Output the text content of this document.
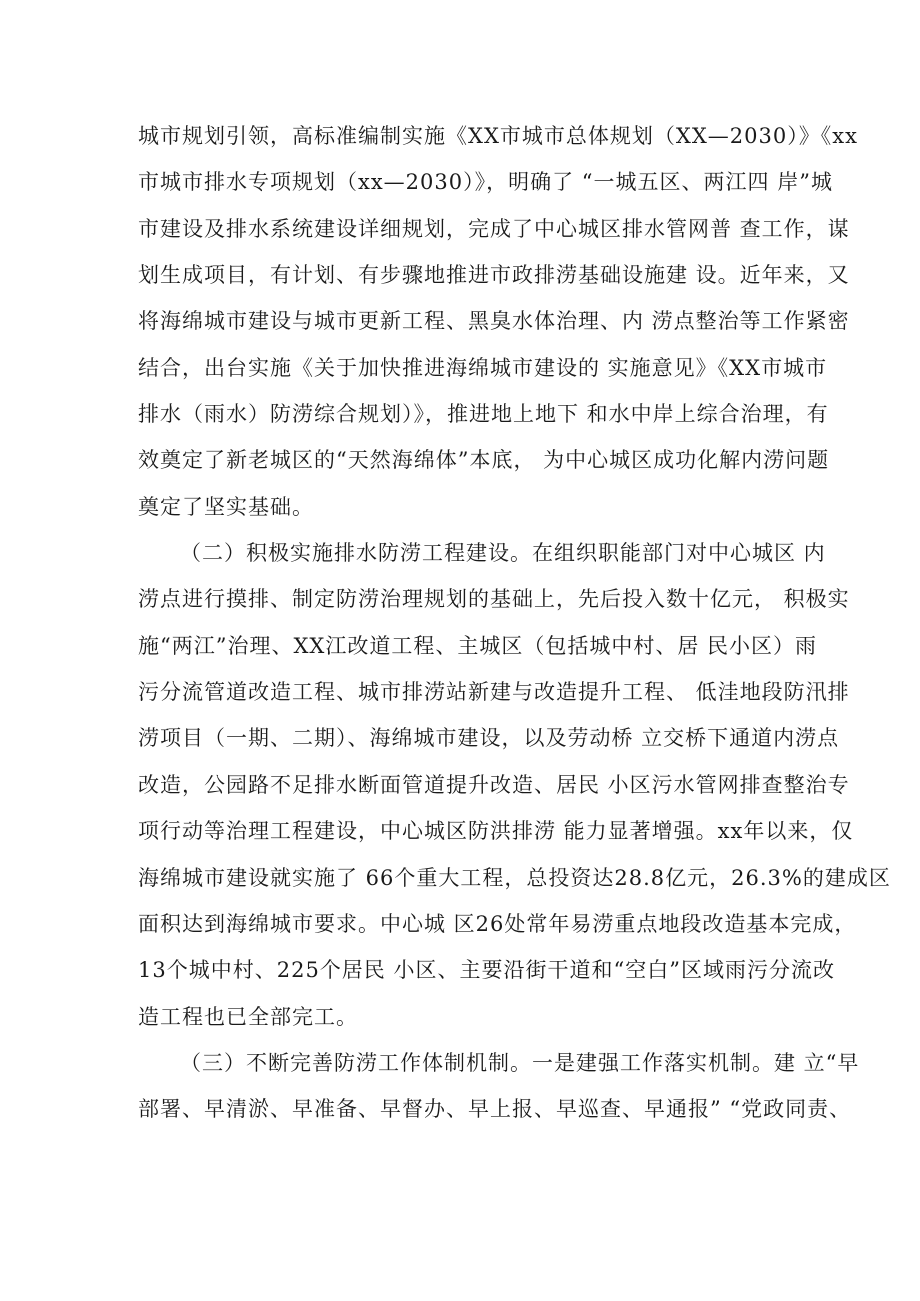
城市规划引领，高标准编制实施《XX市城市总体规划（XX—2030）》《xx
市城市排水专项规划（xx—2030）》，明确了 “一城五区、两江四 岸”城
市建设及排水系统建设详细规划，完成了中心城区排水管网普 查工作，谋
划生成项目，有计划、有步骤地推进市政排涝基础设施建 设。近年来，又
将海绵城市建设与城市更新工程、黑臭水体治理、内 涝点整治等工作紧密
结合，出台实施《关于加快推进海绵城市建设的 实施意见》《XX市城市
排水（雨水）防涝综合规划）》，推进地上地下 和水中岸上综合治理，有
效奠定了新老城区的“天然海绵体”本底， 为中心城区成功化解内涝问题
奠定了坚实基础。
（二）积极实施排水防涝工程建设。在组织职能部门对中心城区 内
涝点进行摸排、制定防涝治理规划的基础上，先后投入数十亿元， 积极实
施“两江”治理、XX江改道工程、主城区（包括城中村、居 民小区）雨
污分流管道改造工程、城市排涝站新建与改造提升工程、 低洼地段防汛排
涝项目（一期、二期）、海绵城市建设，以及劳动桥 立交桥下通道内涝点
改造，公园路不足排水断面管道提升改造、居民 小区污水管网排查整治专
项行动等治理工程建设，中心城区防洪排涝 能力显著增强。xx年以来，仅
海绵城市建设就实施了 66个重大工程，总投资达28.8亿元，26.3%的建成区
面积达到海绵城市要求。中心城 区26处常年易涝重点地段改造基本完成，
13个城中村、225个居民 小区、主要沿街干道和“空白”区域雨污分流改
造工程也已全部完工。
（三）不断完善防涝工作体制机制。一是建强工作落实机制。建 立“早
部署、早清淤、早准备、早督办、早上报、早巡查、早通报” “党政同责、
